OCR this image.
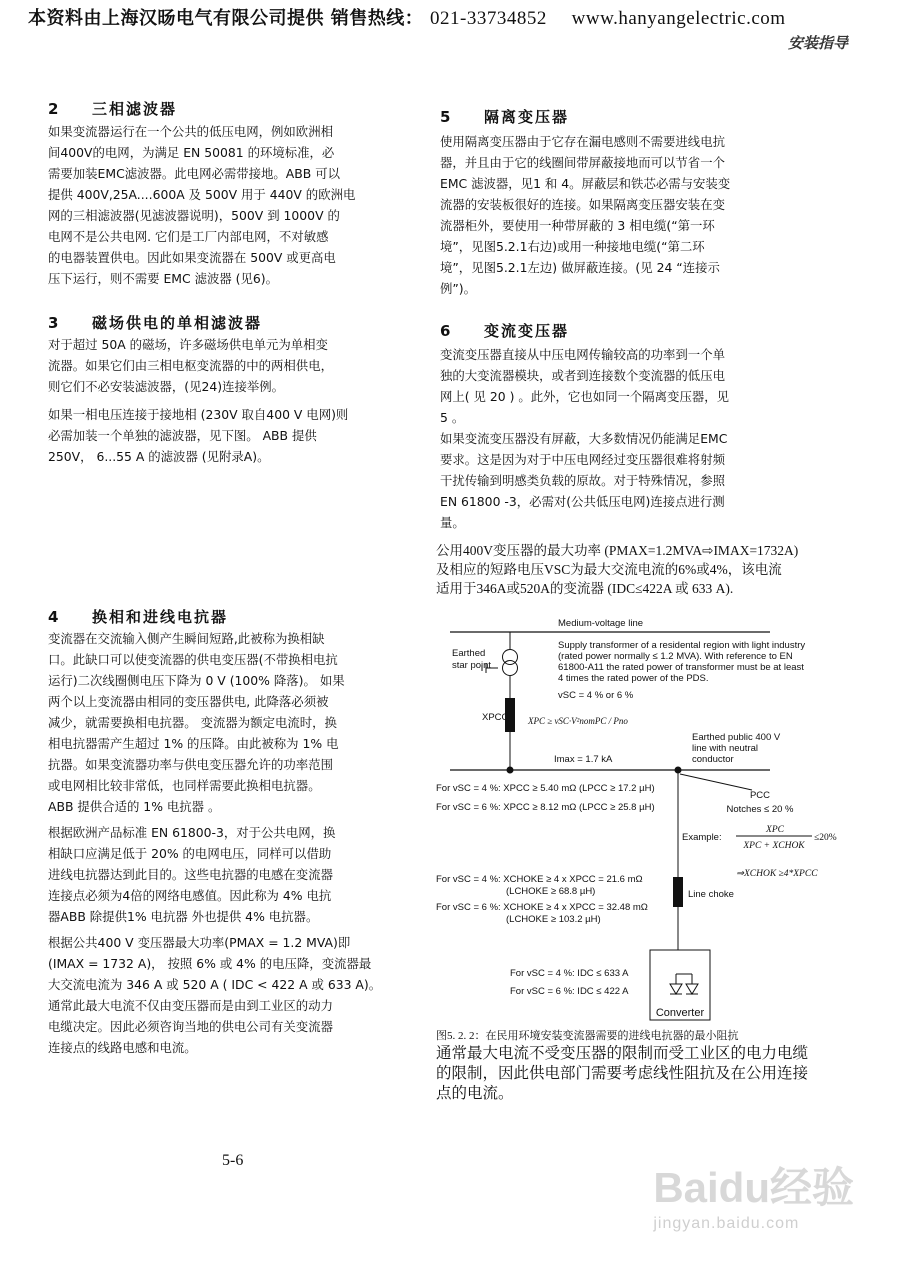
本资料由上海汉旸电气有限公司提供 销售热线： 021-33734852 www.hanyangelectric.com
安装指导
2 三相滤波器
如果变流器运行在一个公共的低压电网，例如欧洲相
间400V的电网，为满足 EN 50081 的环境标准，必
需要加装EMC滤波器。此电网必需带接地。ABB 可以
提供 400V,25A....600A 及 500V 用于 440V 的欧洲电
网的三相滤波器(见滤波器说明)，500V 到 1000V 的
电网不是公共电网. 它们是工厂内部电网，不对敏感
的电器装置供电。因此如果变流器在 500V 或更高电
压下运行，则不需要 EMC 滤波器 (见6)。
3 磁场供电的单相滤波器
对于超过 50A 的磁场，许多磁场供电单元为单相变
流器。如果它们由三相电枢变流器的中的两相供电，
则它们不必安装滤波器，(见24)连接举例。
如果一相电压连接于接地相 (230V 取自400 V 电网)则
必需加装一个单独的滤波器，见下图。 ABB 提供
250V， 6...55 A 的滤波器 (见附录A)。
4 换相和进线电抗器
变流器在交流输入侧产生瞬间短路,此被称为换相缺
口。此缺口可以使变流器的供电变压器(不带换相电抗
运行)二次线圈侧电压下降为 0 V (100% 降落)。 如果
两个以上变流器由相同的变压器供电, 此降落必须被
减少，就需要换相电抗器。 变流器为额定电流时，换
相电抗器需产生超过 1% 的压降。由此被称为 1% 电
抗器。如果变流器功率与供电变压器允许的功率范围
或电网相比较非常低，也同样需要此换相电抗器。
ABB 提供合适的 1% 电抗器 。
根据欧洲产品标准 EN 61800-3，对于公共电网，换
相缺口应满足低于 20% 的电网电压，同样可以借助
进线电抗器达到此目的。这些电抗器的电感在变流器
连接点必须为4倍的网络电感值。因此称为 4% 电抗
器ABB 除提供1% 电抗器 外也提供 4% 电抗器。
根据公共400 V 变压器最大功率(PMAX = 1.2 MVA)即
(IMAX = 1732 A)， 按照 6% 或 4% 的电压降，变流器最
大交流电流为 346 A 或 520 A ( IDC < 422 A 或 633 A)。
通常此最大电流不仅由变压器而是由到工业区的动力
电缆决定。因此必须咨询当地的供电公司有关变流器
连接点的线路电感和电流。
5 隔离变压器
使用隔离变压器由于它存在漏电感则不需要进线电抗
器，并且由于它的线圈间带屏蔽接地而可以节省一个
EMC 滤波器，见1 和 4。屏蔽层和铁芯必需与安装变
流器的安装板很好的连接。如果隔离变压器安装在变
流器柜外，要使用一种带屏蔽的 3 相电缆(“第一环
境”，见图5.2.1右边)或用一种接地电缆(“第二环
境”，见图5.2.1左边) 做屏蔽连接。(见 24 “连接示
例”)。
6 变流变压器
变流变压器直接从中压电网传输较高的功率到一个单
独的大变流器模块，或者到连接数个变流器的低压电
网上( 见 20 ) 。此外，它也如同一个隔离变压器，见
5 。
如果变流变压器没有屏蔽，大多数情况仍能满足EMC
要求。这是因为对于中压电网经过变压器很难将射频
干扰传输到明感类负载的原故。对于特殊情况，参照
EN 61800 -3，必需对(公共低压电网)连接点进行测
量。
公用400V变压器的最大功率 (PMAX=1.2MVA⇨IMAX=1732A)
及相应的短路电压VSC为最大交流电流的6%或4%，该电流
适用于346A或520A的变流器 (IDC≤422A 或 633 A).
Medium-voltage line
Earthed
star point
Supply transformer of a residental region with light industry
(rated power normally ≤ 1.2 MVA). With reference to EN
61800-A11 the rated power of transformer must be at least
4 times the rated power of the PDS.
vSC = 4 % or 6 %
XPCC XPC ≥ vSC·V²nomPC / Pno
Imax = 1.7 kA
Earthed public 400 V
line with neutral
conductor
For vSC = 4 %: XPCC ≥ 5.40 mΩ (LPCC ≥ 17.2 µH)
For vSC = 6 %: XPCC ≥ 8.12 mΩ (LPCC ≥ 25.8 µH)
PCC
Notches ≤ 20 %
Example:
XPC
XPC + XCHOK
≤20%
⇒XCHOK ≥4*XPCC
Line choke
For vSC = 4 %: XCHOKE ≥ 4 x XPCC = 21.6 mΩ
(LCHOKE ≥ 68.8 µH)
For vSC = 6 %: XCHOKE ≥ 4 x XPCC = 32.48 mΩ
(LCHOKE ≥ 103.2 µH)
Converter
For vSC = 4 %: IDC ≤ 633 A
For vSC = 6 %: IDC ≤ 422 A
图5. 2. 2：在民用环境安装变流器需要的进线电抗器的最小阻抗
通常最大电流不受变压器的限制而受工业区的电力电缆
的限制，因此供电部门需要考虑线性阻抗及在公用连接
点的电流。
5-6
Baidu经验
jingyan.baidu.com
